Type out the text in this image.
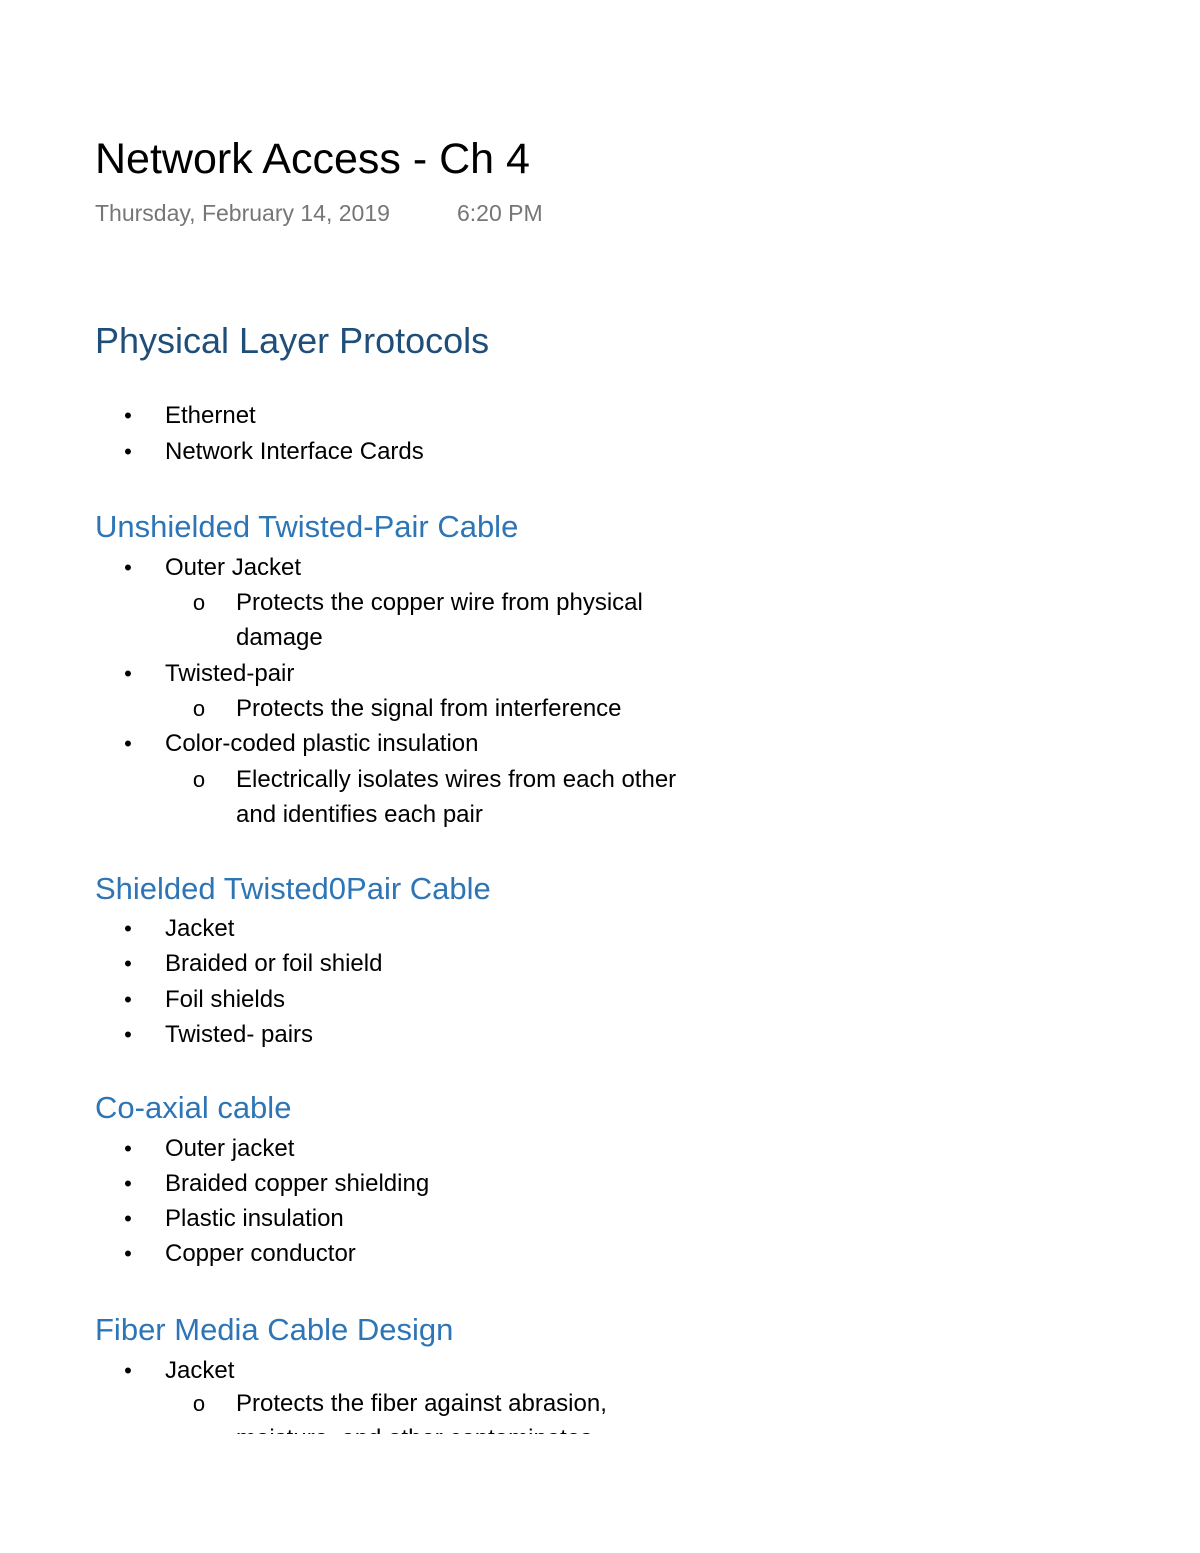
Network Access - Ch 4
Thursday, February 14, 2019	6:20 PM
Physical Layer Protocols
• Ethernet
• Network Interface Cards
Unshielded Twisted-Pair Cable
• Outer Jacket
o Protects the copper wire from physical damage
• Twisted-pair
o Protects the signal from interference
• Color-coded plastic insulation
o Electrically isolates wires from each other and identifies each pair
Shielded Twisted0Pair Cable
• Jacket
• Braided or foil shield
• Foil shields
• Twisted- pairs
Co-axial cable
• Outer jacket
• Braided copper shielding
• Plastic insulation
• Copper conductor
Fiber Media Cable Design
• Jacket
o Protects the fiber against abrasion,
